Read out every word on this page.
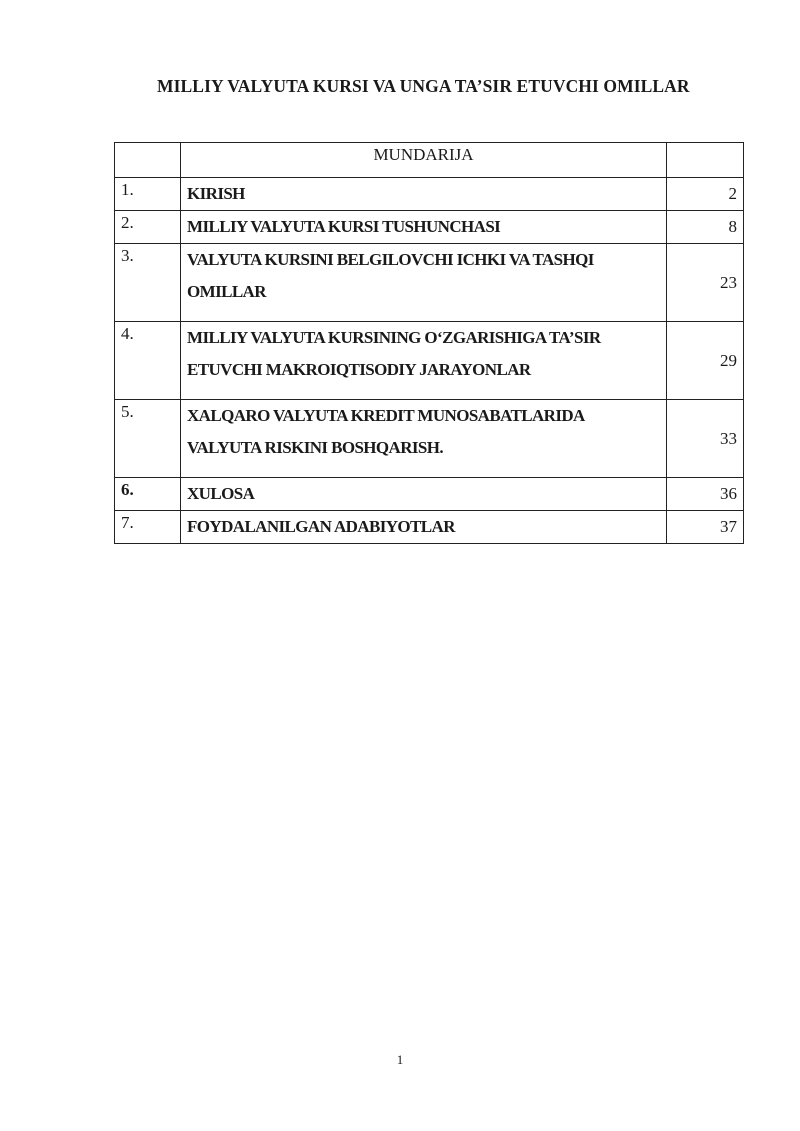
MILLIY VALYUTA KURSI VA UNGA TA’SIR ETUVCHI OMILLAR
	MUNDARIJA	
1.	KIRISH	2
2.	MILLIY VALYUTA KURSI TUSHUNCHASI	8
3.	VALYUTA KURSINI BELGILOVCHI ICHKI VA TASHQI OMILLAR	23
4.	MILLIY VALYUTA KURSINING O‘ZGARISHIGA TA’SIR ETUVCHI MAKROIQTISODIY JARAYONLAR	29
5.	XALQARO VALYUTA KREDIT MUNOSABATLARIDA VALYUTA RISKINI BOSHQARISH.	33
6.	XULOSA	36
7.	FOYDALANILGAN ADABIYOTLAR	37
1
